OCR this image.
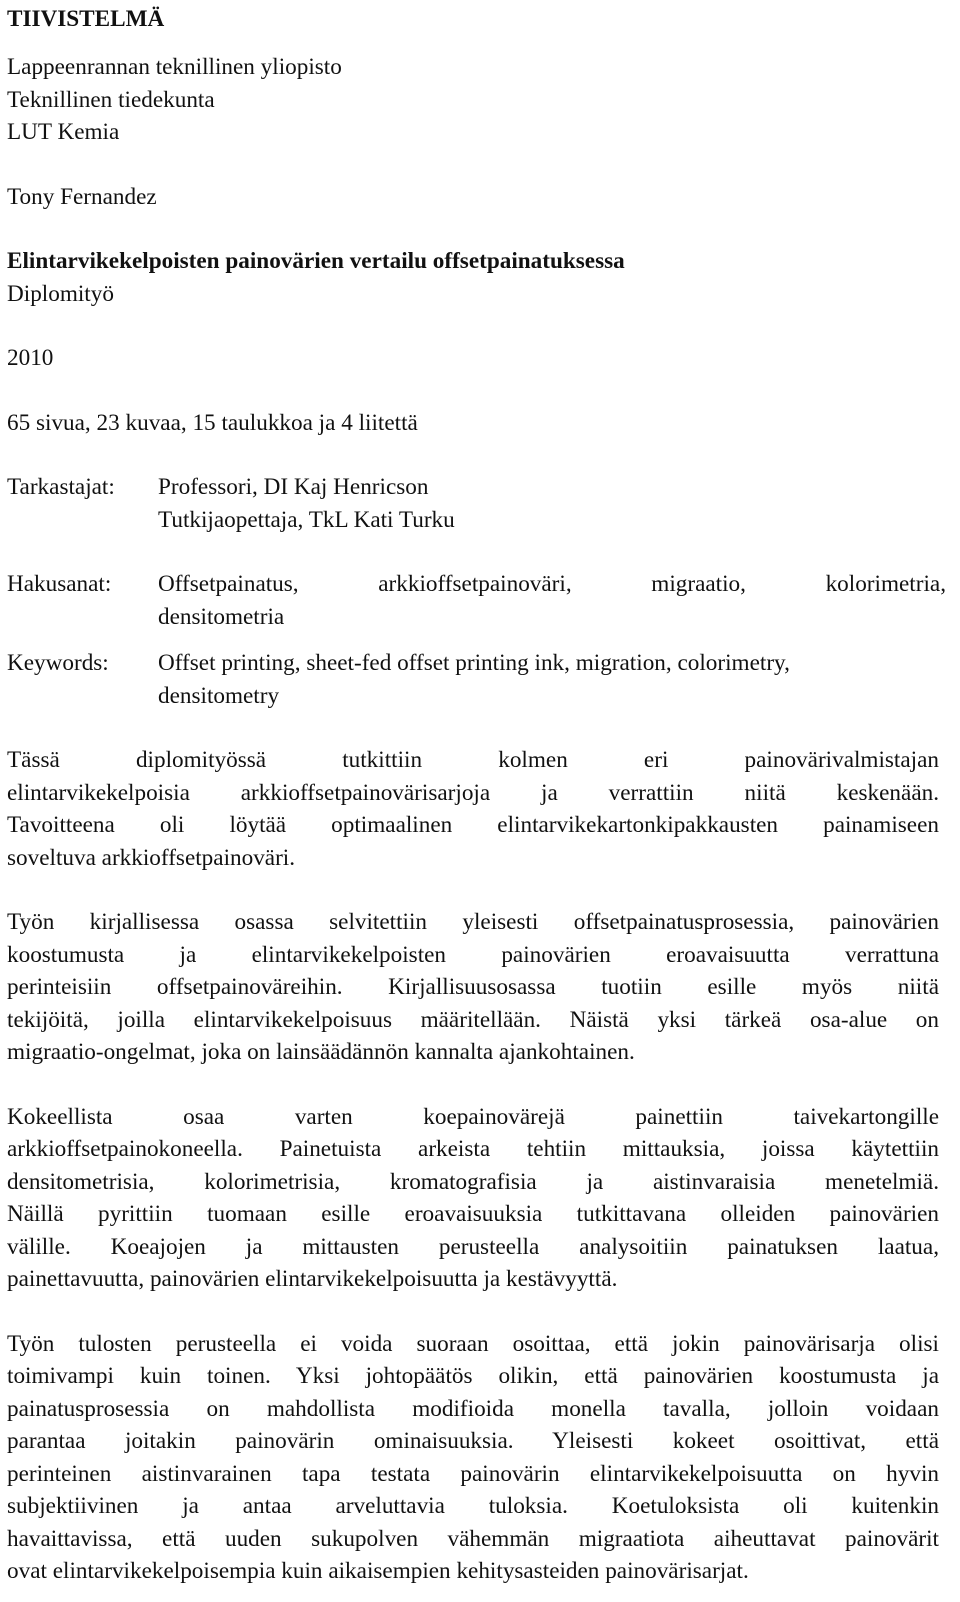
TIIVISTELMÄ
Lappeenrannan teknillinen yliopisto
Teknillinen tiedekunta
LUT Kemia
Tony Fernandez
Elintarvikekelpoisten painovärien vertailu offsetpainatuksessa
Diplomityö
2010
65 sivua, 23 kuvaa, 15 taulukkoa ja 4 liitettä
Tarkastajat:	Professori, DI Kaj Henricson
Tutkijaopettaja, TkL Kati Turku
Hakusanat:	Offsetpainatus, arkkioffsetpainoväri, migraatio, kolorimetria,
densitometria
Keywords:	Offset printing, sheet-fed offset printing ink, migration, colorimetry,
densitometry
Tässä diplomityössä tutkittiin kolmen eri painovärivalmistajan
elintarvikekelpoisia arkkioffsetpainovärisarjoja ja verrattiin niitä keskenään.
Tavoitteena oli löytää optimaalinen elintarvikekartonkipakkausten painamiseen
soveltuva arkkioffsetpainoväri.
Työn kirjallisessa osassa selvitettiin yleisesti offsetpainatusprosessia, painovärien
koostumusta ja elintarvikekelpoisten painovärien eroavaisuutta verrattuna
perinteisiin offsetpainoväreihin. Kirjallisuusosassa tuotiin esille myös niitä
tekijöitä, joilla elintarvikekelpoisuus määritellään. Näistä yksi tärkeä osa-alue on
migraatio-ongelmat, joka on lainsäädännön kannalta ajankohtainen.
Kokeellista osaa varten koepainovärejä painettiin taivekartongille
arkkioffsetpainokoneella. Painetuista arkeista tehtiin mittauksia, joissa käytettiin
densitometrisia, kolorimetrisia, kromatografisia ja aistinvaraisia menetelmiä.
Näillä pyrittiin tuomaan esille eroavaisuuksia tutkittavana olleiden painovärien
välille. Koeajojen ja mittausten perusteella analysoitiin painatuksen laatua,
painettavuutta, painovärien elintarvikekelpoisuutta ja kestävyyttä.
Työn tulosten perusteella ei voida suoraan osoittaa, että jokin painovärisarja olisi
toimivampi kuin toinen. Yksi johtopäätös olikin, että painovärien koostumusta ja
painatusprosessia on mahdollista modifioida monella tavalla, jolloin voidaan
parantaa joitakin painovärin ominaisuuksia. Yleisesti kokeet osoittivat, että
perinteinen aistinvarainen tapa testata painovärin elintarvikekelpoisuutta on hyvin
subjektiivinen ja antaa arveluttavia tuloksia. Koetuloksista oli kuitenkin
havaittavissa, että uuden sukupolven vähemmän migraatiota aiheuttavat painovärit
ovat elintarvikekelpoisempia kuin aikaisempien kehitysasteiden painovärisarjat.
